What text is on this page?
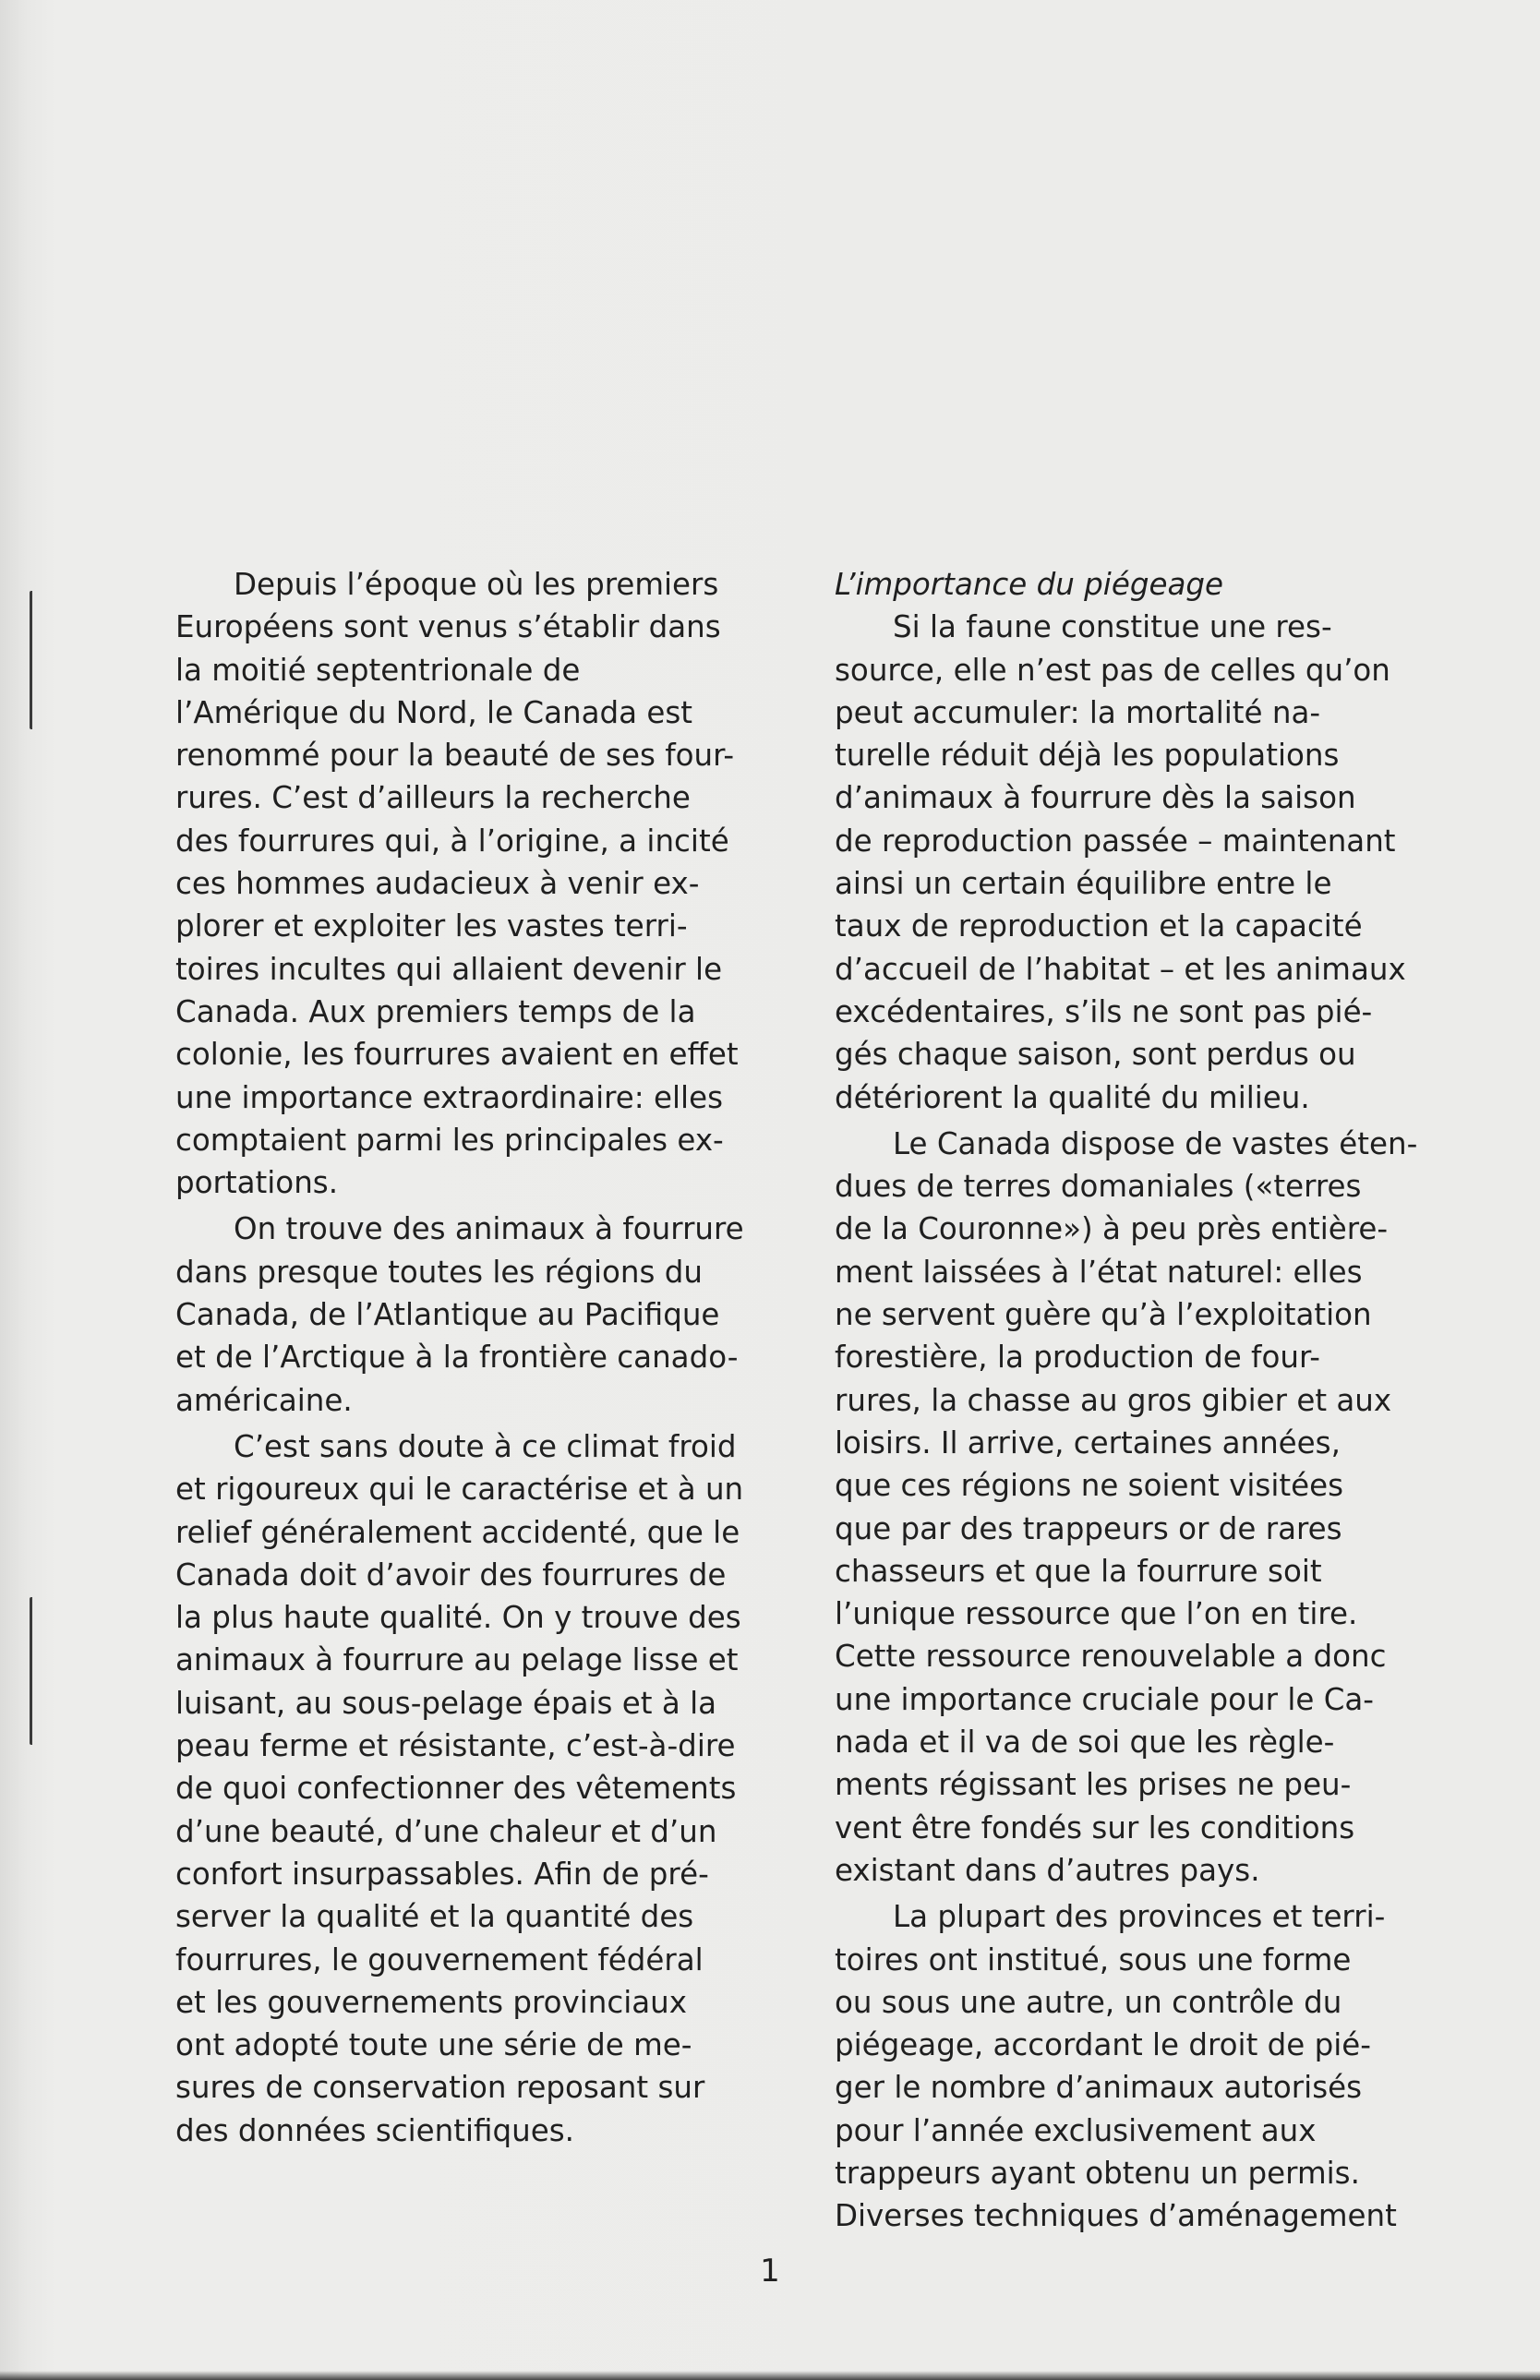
Depuis l’époque où les premiers

Européens sont venus s’établir dans

la moitié septentrionale de

l’Amérique du Nord, le Canada est

renommé pour la beauté de ses four-

rures. C’est d’ailleurs la recherche

des fourrures qui, à l’origine, a incité

ces hommes audacieux à venir ex-

plorer et exploiter les vastes terri-

toires incultes qui allaient devenir le

Canada. Aux premiers temps de la

colonie, les fourrures avaient en effet

une importance extraordinaire: elles

comptaient parmi les principales ex-

portations.

On trouve des animaux à fourrure

dans presque toutes les régions du

Canada, de l’Atlantique au Pacifique

et de l’Arctique à la frontière canado-

américaine.

C’est sans doute à ce climat froid

et rigoureux qui le caractérise et à un

relief généralement accidenté, que le

Canada doit d’avoir des fourrures de

la plus haute qualité. On y trouve des

animaux à fourrure au pelage lisse et

luisant, au sous-pelage épais et à la

peau ferme et résistante, c’est-à-dire

de quoi confectionner des vêtements

d’une beauté, d’une chaleur et d’un

confort insurpassables. Afin de pré-

server la qualité et la quantité des

fourrures, le gouvernement fédéral

et les gouvernements provinciaux

ont adopté toute une série de me-

sures de conservation reposant sur

des données scientifiques.

L’importance du piégeage

Si la faune constitue une res-

source, elle n’est pas de celles qu’on

peut accumuler: la mortalité na-

turelle réduit déjà les populations

d’animaux à fourrure dès la saison

de reproduction passée – maintenant

ainsi un certain équilibre entre le

taux de reproduction et la capacité

d’accueil de l’habitat – et les animaux

excédentaires, s’ils ne sont pas pié-

gés chaque saison, sont perdus ou

détériorent la qualité du milieu.

Le Canada dispose de vastes éten-

dues de terres domaniales («terres

de la Couronne») à peu près entière-

ment laissées à l’état naturel: elles

ne servent guère qu’à l’exploitation

forestière, la production de four-

rures, la chasse au gros gibier et aux

loisirs. Il arrive, certaines années,

que ces régions ne soient visitées

que par des trappeurs or de rares

chasseurs et que la fourrure soit

l’unique ressource que l’on en tire.

Cette ressource renouvelable a donc

une importance cruciale pour le Ca-

nada et il va de soi que les règle-

ments régissant les prises ne peu-

vent être fondés sur les conditions

existant dans d’autres pays.

La plupart des provinces et terri-

toires ont institué, sous une forme

ou sous une autre, un contrôle du

piégeage, accordant le droit de pié-

ger le nombre d’animaux autorisés

pour l’année exclusivement aux

trappeurs ayant obtenu un permis.

Diverses techniques d’aménagement

1
